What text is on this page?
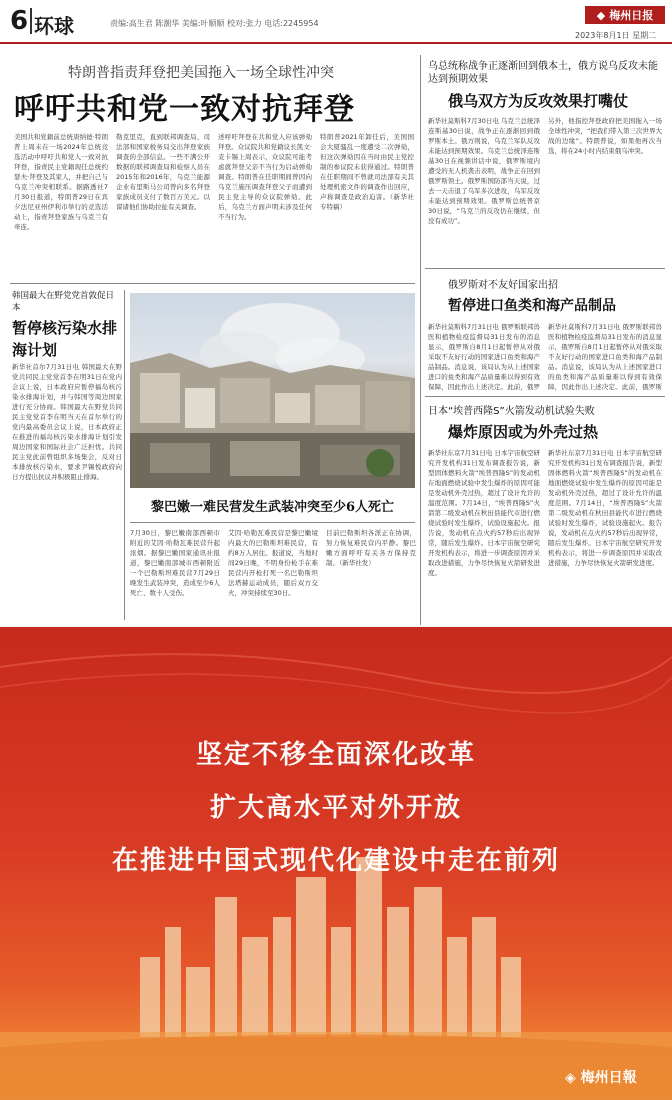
6 环球	责编:高生君 陈潮华 美编:叶顺顺 校对:张力 电话:2245954
◆ 梅州日报
2023年8月1日 星期二
特朗普指责拜登把美国拖入一场全球性冲突
呼吁共和党一致对抗拜登
美国共和党籍前总统唐纳德·特朗普上周末在一场2024年总统竞选活动中呼吁共和党人一致对抗拜登，指责民主党籍现任总统约瑟夫·拜登及其家人，并把自己与乌克兰冲突相联系。据路透社7月30日报道，特朗普29日在宾夕法尼亚州伊利市举行的竞选活动上，指责拜登家族与乌克兰有牵连。
勒克里克，直到联邦调查局、司法部和国家税务局交出拜登家族调查的全部信息。一些不满公开数据的联邦调查局和检察人员在2015年和2016年，乌克兰能源企业布里斯马公司曾向多名拜登家族成员支付了数百万美元。以谋诸他们协助拉扯有关调查。
述呼吁拜登在共和党人应该弹劾拜登。众议院共和党籍议长凯文·麦卡锡上周表示，众议院可能考虑就拜登父亲不当行为启动弹劾调查。特朗普在任职期间曾因向乌克兰施压调查拜登父子而遭到民主党主导的众议院弹劾。此后，乌克兰方面声明未涉及任何不当行为。
特朗普2021年卸任后，美国国会大厦骚乱一度遭受二次弹劾，但这次弹劾因在当时由民主党控制的参议院未获得通过。特朗普在任职期间不曾就司法部有关其处理机密文件的调查作出回应，声称调查是政治迫害。（新华社专特稿）
乌总统称战争正逐渐回到俄本土，俄方说乌反攻未能达到预期效果
俄乌双方为反攻效果打嘴仗
新华社莫斯科7月30日电 乌克兰总统泽连斯基30日说，战争正在逐渐回到俄罗斯本土。俄方则说，乌克兰军队反攻未能达到预期效果。乌克兰总统泽连斯基30日在视频讲话中说，俄罗斯境内遭受的无人机袭击表明，战争正在回到俄罗斯领土。俄罗斯国防部当天说，过去一天击退了乌军多次进攻，乌军反攻未能达到预期效果。俄罗斯总统普京30日说，“乌克兰的反攻仍在继续，但没有成功”。
另外，他指控拜登政府把美国拖入一场全球性冲突，“把我们带入第三次世界大战的边缘”。特朗普说，如果他再次当选，将在24小时内结束俄乌冲突。
韩国最大在野党党首敦促日本
暂停核污染水排海计划
新华社首尔7月31日电 韩国最大在野党共同民主党党首李在明31日在党内会议上说，日本政府应暂停福岛核污染水排海计划，并与韩国等周边国家进行充分协商。韩国最大在野党共同民主党党首李在明当天在首尔举行的党内最高委员会议上说，日本政府正在推进的福岛核污染水排海计划引发周边国家和国际社会广泛担忧。共同民主党此前曾组织多场集会，反对日本排放核污染水，要求尹锡悦政府向日方提出抗议并积极阻止排海。
黎巴嫩一难民营发生武装冲突至少6人死亡
7月30日，黎巴嫩南部西顿市附近的艾因·哈勒瓦难民营升起浓烟。据黎巴嫩国家通讯社报道，黎巴嫩南部城市西顿附近一个巴勒斯坦难民营7月29日晚发生武装冲突，造成至少6人死亡、数十人受伤。
艾因·哈勒瓦难民营是黎巴嫩境内最大的巴勒斯坦难民营，有约8万人居住。报道说，当地时间29日晚，不明身份枪手在难民营内开枪打死一名巴勒斯坦法塔赫运动成员，随后双方交火，冲突持续至30日。
目前巴勒斯坦各派正在协调，努力恢复难民营内平静。黎巴嫩方面呼吁有关各方保持克制。（新华社发）
俄罗斯对不友好国家出招
暂停进口鱼类和海产品制品
新华社莫斯科7月31日电 俄罗斯联邦兽医和植物检疫监督局31日发布的消息显示，俄罗斯自8月1日起暂停从对俄采取不友好行动的国家进口鱼类和海产品制品。消息说，该局认为从上述国家进口的鱼类和海产品质量难以得到有效保障，因此作出上述决定。此前，俄罗
新华社莫斯科7月31日电 俄罗斯联邦兽医和植物检疫监督局31日发布的消息显示，俄罗斯自8月1日起暂停从对俄采取不友好行动的国家进口鱼类和海产品制品。消息说，该局认为从上述国家进口的鱼类和海产品质量难以得到有效保障，因此作出上述决定。此前，俄罗斯
日本“埃普西隆S”火箭发动机试验失败
爆炸原因或为外壳过热
新华社东京7月31日电 日本宇宙航空研究开发机构31日发布调查报告说，新型固体燃料火箭“埃普西隆S”的发动机在地面燃烧试验中发生爆炸的原因可能是发动机外壳过热，超过了设计允许的温度范围。7月14日，“埃普西隆S”火箭第二级发动机在秋田县能代市进行燃烧试验时发生爆炸，试验设施起火。报告说，发动机在点火约57秒后出现异常，随后发生爆炸。日本宇宙航空研究开发机构表示，将进一步调查原因并采取改进措施，力争尽快恢复火箭研发进度。
新华社东京7月31日电 日本宇宙航空研究开发机构31日发布调查报告说，新型固体燃料火箭“埃普西隆S”的发动机在地面燃烧试验中发生爆炸的原因可能是发动机外壳过热，超过了设计允许的温度范围。7月14日，“埃普西隆S”火箭第二级发动机在秋田县能代市进行燃烧试验时发生爆炸，试验设施起火。报告说，发动机在点火约57秒后出现异常，随后发生爆炸。日本宇宙航空研究开发机构表示，将进一步调查原因并采取改进措施，力争尽快恢复火箭研发进度。
坚定不移全面深化改革
扩大高水平对外开放
在推进中国式现代化建设中走在前列
◈ 梅州日報
